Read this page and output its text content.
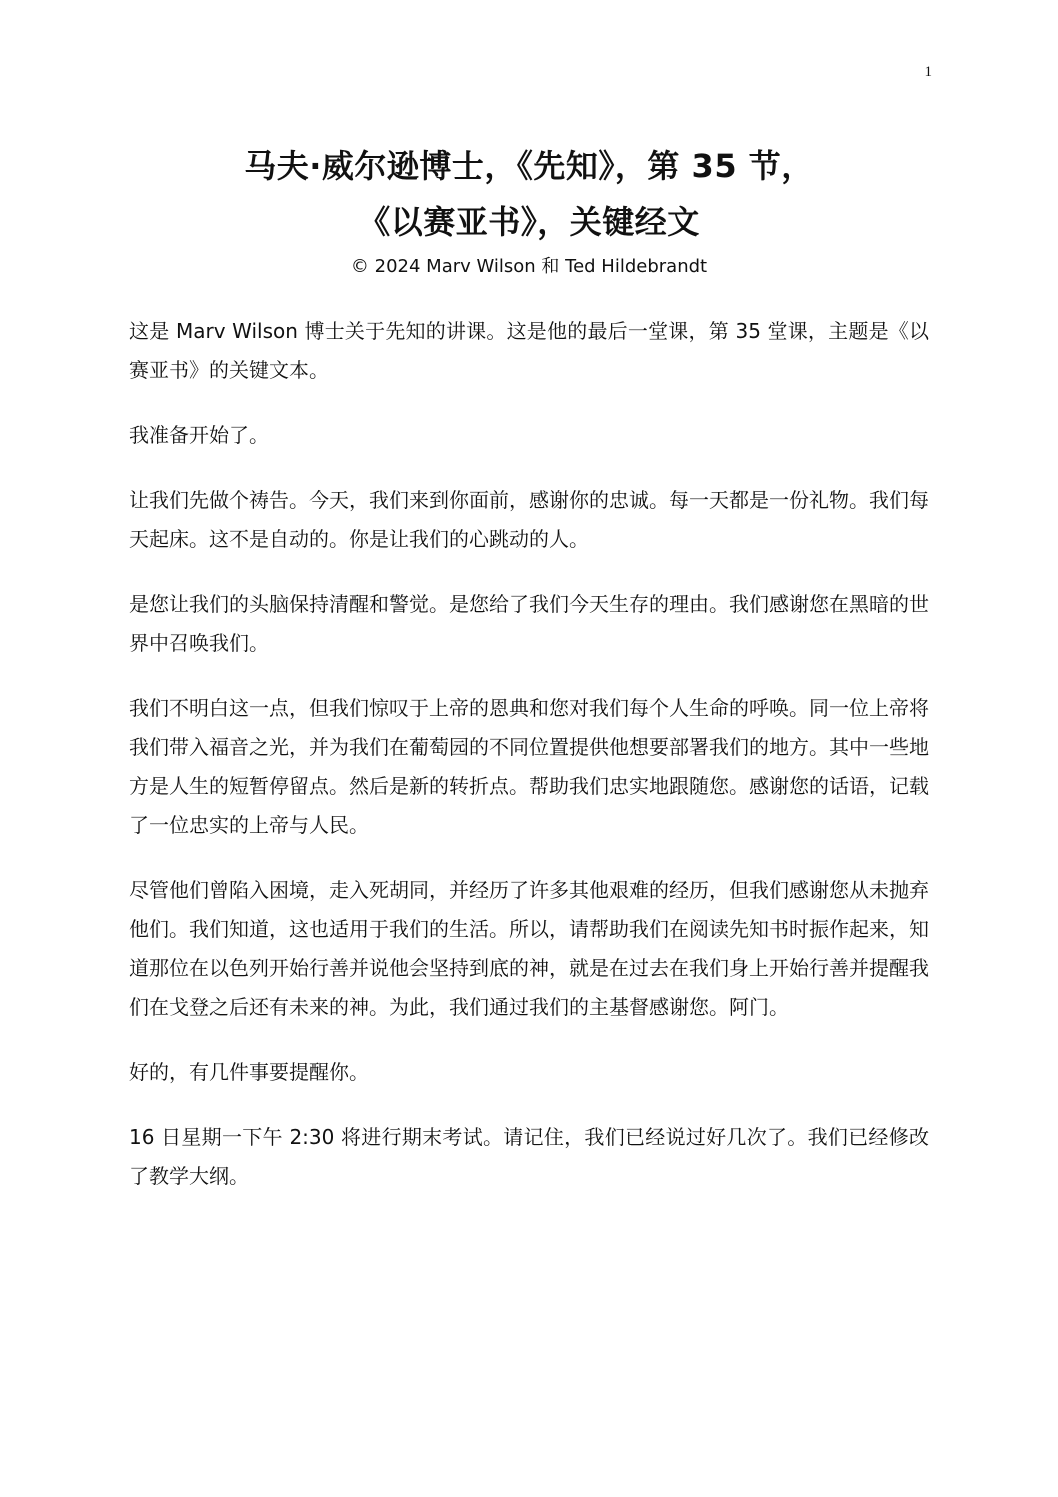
1
马夫·威尔逊博士，《先知》，第 35 节，
《以赛亚书》，关键经文
© 2024 Marv Wilson 和 Ted Hildebrandt

这是 Marv Wilson 博士关于先知的讲课。这是他的最后一堂课，第 35 堂课，主题是《以赛亚书》的关键文本。

我准备开始了。

让我们先做个祷告。今天，我们来到你面前，感谢你的忠诚。每一天都是一份礼物。我们每天起床。这不是自动的。你是让我们的心跳动的人。

是您让我们的头脑保持清醒和警觉。是您给了我们今天生存的理由。我们感谢您在黑暗的世界中召唤我们。

我们不明白这一点，但我们惊叹于上帝的恩典和您对我们每个人生命的呼唤。同一位上帝将我们带入福音之光，并为我们在葡萄园的不同位置提供他想要部署我们的地方。其中一些地方是人生的短暂停留点。然后是新的转折点。帮助我们忠实地跟随您。感谢您的话语，记载了一位忠实的上帝与人民。

尽管他们曾陷入困境，走入死胡同，并经历了许多其他艰难的经历，但我们感谢您从未抛弃他们。我们知道，这也适用于我们的生活。所以，请帮助我们在阅读先知书时振作起来，知道那位在以色列开始行善并说他会坚持到底的神，就是在过去在我们身上开始行善并提醒我们在戈登之后还有未来的神。为此，我们通过我们的主基督感谢您。阿门。

好的，有几件事要提醒你。

16 日星期一下午 2:30 将进行期末考试。请记住，我们已经说过好几次了。我们已经修改了教学大纲。
